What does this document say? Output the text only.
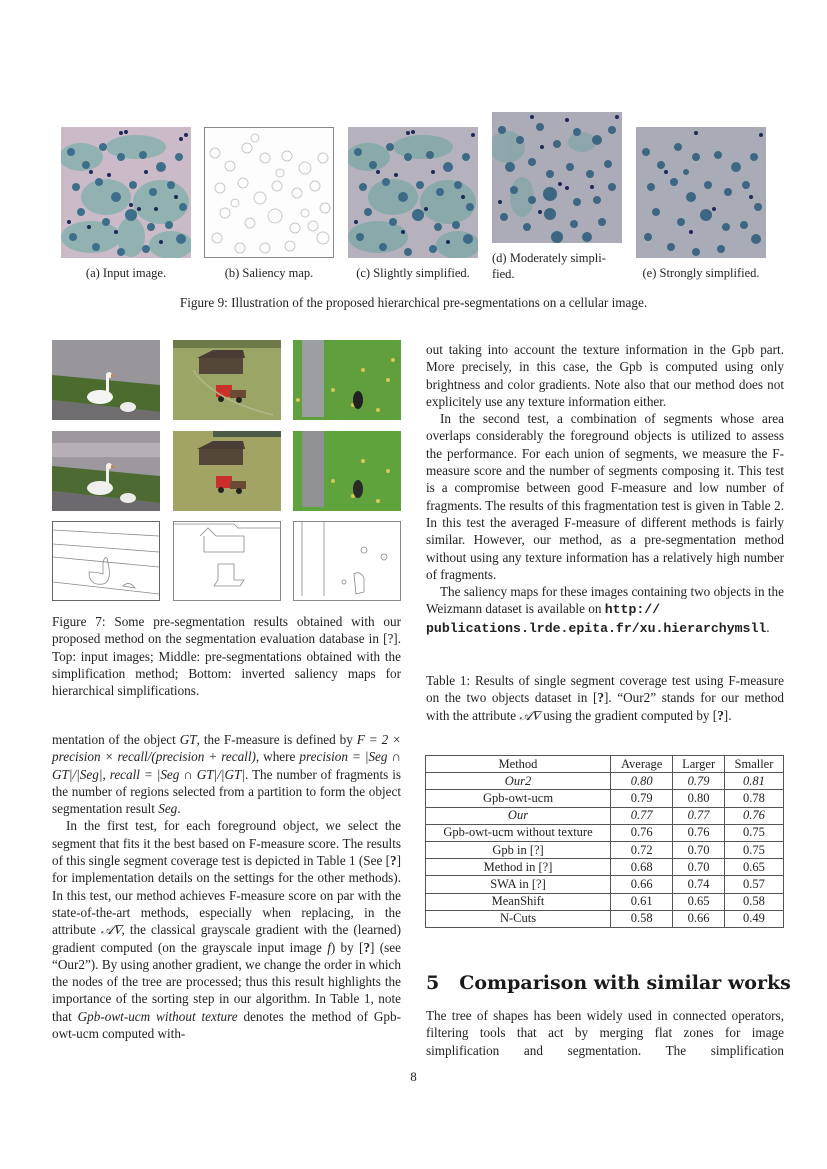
(a) Input image.	(b) Saliency map.	(c) Slightly simplified.
(d) Moderately simpli-
fied.	(e) Strongly simplified.
Figure 9: Illustration of the proposed hierarchical pre-segmentations on a cellular image.
Figure 7: Some pre-segmentation results obtained with our proposed method on the segmentation evaluation database in [?]. Top: input images; Middle: pre-segmentations obtained with the simplification method; Bottom: inverted saliency maps for hierarchical simplifications.

mentation of the object GT, the F-measure is defined by F = 2 × precision × recall/(precision + recall), where precision = |Seg ∩ GT|/|Seg|, recall = |Seg ∩ GT|/|GT|. The number of fragments is the number of regions selected from a partition to form the object segmentation result Seg.

In the first test, for each foreground object, we select the segment that fits it the best based on F-measure score. The results of this single segment coverage test is depicted in Table 1 (See [?] for implementation details on the settings for the other methods). In this test, our method achieves F-measure score on par with the state-of-the-art methods, especially when replacing, in the attribute 𝒜∇, the classical grayscale gradient with the (learned) gradient computed (on the grayscale input image f) by [?] (see “Our2”). By using another gradient, we change the order in which the nodes of the tree are processed; thus this result highlights the importance of the sorting step in our algorithm. In Table 1, note that Gpb-owt-ucm without texture denotes the method of Gpb-owt-ucm computed with-

out taking into account the texture information in the Gpb part. More precisely, in this case, the Gpb is computed using only brightness and color gradients. Note also that our method does not explicitely use any texture information either.

In the second test, a combination of segments whose area overlaps considerably the foreground objects is utilized to assess the performance. For each union of segments, we measure the F-measure score and the number of segments composing it. This test is a compromise between good F-measure and low number of fragments. The results of this fragmentation test is given in Table 2. In this test the averaged F-measure of different methods is fairly similar. However, our method, as a pre-segmentation method without using any texture information has a relatively high number of fragments.

The saliency maps for these images containing two objects in the Weizmann dataset is available on http://
publications.lrde.epita.fr/xu.hierarchymsll.

Table 1: Results of single segment coverage test using F-measure on the two objects dataset in [?]. “Our2” stands for our method with the attribute 𝒜∇ using the gradient computed by [?].
Method	Average	Larger	Smaller
Our2	0.80	0.79	0.81
Gpb-owt-ucm	0.79	0.80	0.78
Our	0.77	0.77	0.76
Gpb-owt-ucm without texture	0.76	0.76	0.75
Gpb in [?]	0.72	0.70	0.75
Method in [?]	0.68	0.70	0.65
SWA in [?]	0.66	0.74	0.57
MeanShift	0.61	0.65	0.58
N-Cuts	0.58	0.66	0.49
5 Comparison with similar works

The tree of shapes has been widely used in connected operators, filtering tools that act by merging flat zones for image simplification and segmentation. The simplification

8
